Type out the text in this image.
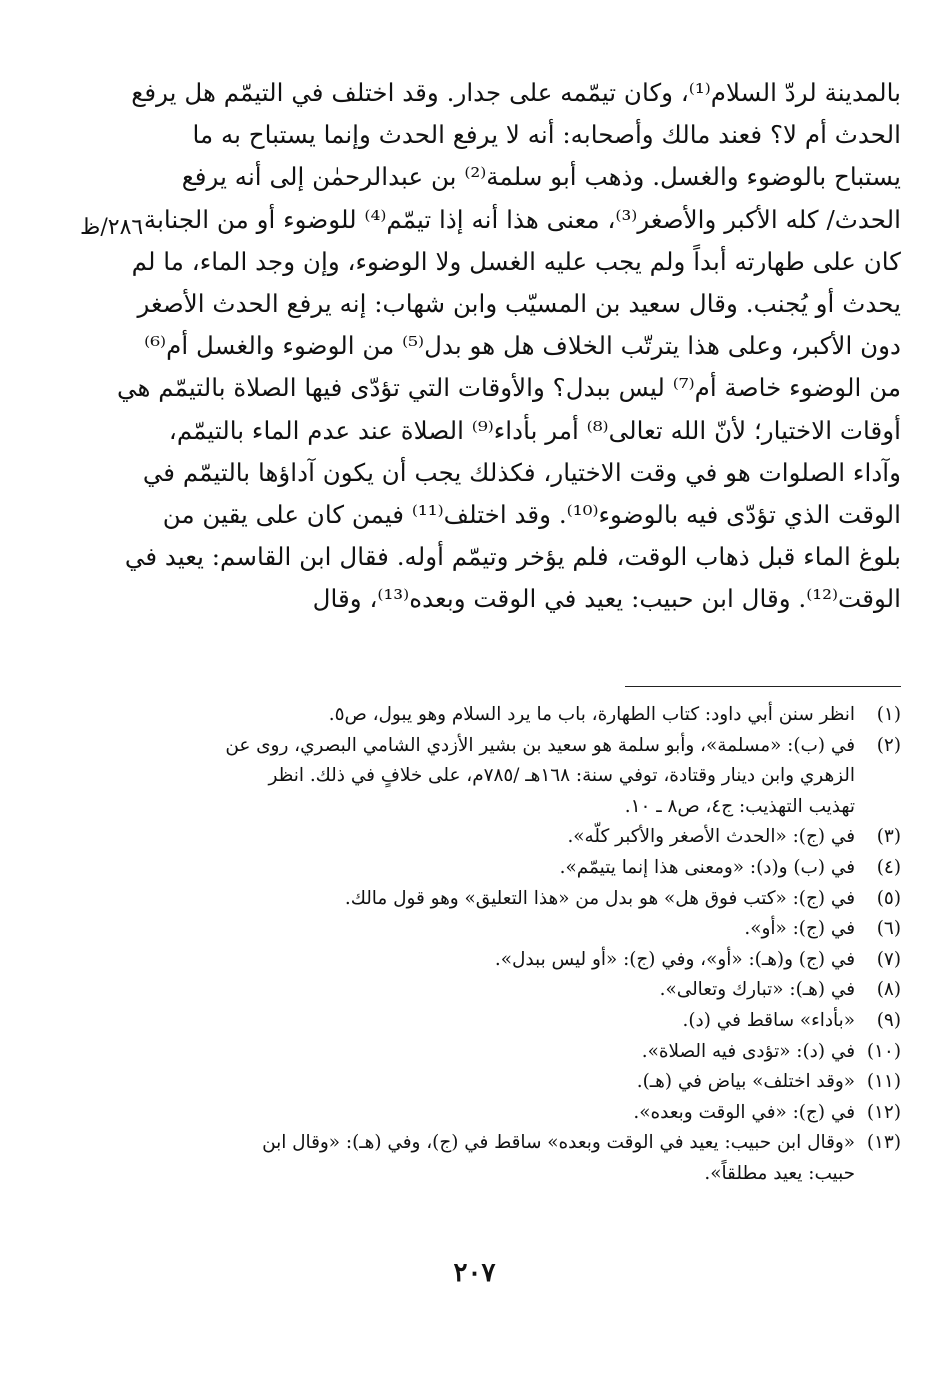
٢٨٦/ظ
بالمدينة لردّ السلام⁽¹⁾، وكان تيمّمه على جدار. وقد اختلف في التيمّم هل يرفع
الحدث أم لا؟ فعند مالك وأصحابه: أنه لا يرفع الحدث وإنما يستباح به ما
يستباح بالوضوء والغسل. وذهب أبو سلمة⁽²⁾ بن عبدالرحمٰن إلى أنه يرفع
الحدث/ كله الأكبر والأصغر⁽³⁾، معنى هذا أنه إذا تيمّم⁽⁴⁾ للوضوء أو من الجنابة
كان على طهارته أبداً ولم يجب عليه الغسل ولا الوضوء، وإن وجد الماء، ما لم
يحدث أو يُجنب. وقال سعيد بن المسيّب وابن شهاب: إنه يرفع الحدث الأصغر
دون الأكبر، وعلى هذا يترتّب الخلاف هل هو بدل⁽⁵⁾ من الوضوء والغسل أم⁽⁶⁾
من الوضوء خاصة أم⁽⁷⁾ ليس ببدل؟ والأوقات التي تؤدّى فيها الصلاة بالتيمّم هي
أوقات الاختيار؛ لأنّ الله تعالى⁽⁸⁾ أمر بأداء⁽⁹⁾ الصلاة عند عدم الماء بالتيمّم،
وآداء الصلوات هو في وقت الاختيار، فكذلك يجب أن يكون آداؤها بالتيمّم في
الوقت الذي تؤدّى فيه بالوضوء⁽¹⁰⁾. وقد اختلف⁽¹¹⁾ فيمن كان على يقين من
بلوغ الماء قبل ذهاب الوقت، فلم يؤخر وتيمّم أوله. فقال ابن القاسم: يعيد في
الوقت⁽¹²⁾. وقال ابن حبيب: يعيد في الوقت وبعده⁽¹³⁾، وقال
(١)
انظر سنن أبي داود: كتاب الطهارة، باب ما يرد السلام وهو يبول، ص٥.
(٢)
في (ب): «مسلمة»، وأبو سلمة هو سعيد بن بشير الأزدي الشامي البصري، روى عن
الزهري وابن دينار وقتادة، توفي سنة: ١٦٨هـ /٧٨٥م، على خلافٍ في ذلك. انظر
تهذيب التهذيب: ج٤، ص٨ ـ ١٠.
(٣)
في (ج): «الحدث الأصغر والأكبر كلّه».
(٤)
في (ب) و(د): «ومعنى هذا إنما يتيمّم».
(٥)
في (ج): «كتب فوق هل» هو بدل من «هذا التعليق» وهو قول مالك.
(٦)
في (ج): «أو».
(٧)
في (ج) و(هـ): «أو»، وفي (ج): «أو ليس ببدل».
(٨)
في (هـ): «تبارك وتعالى».
(٩)
«بأداء» ساقط في (د).
(١٠)
في (د): «تؤدى فيه الصلاة».
(١١)
«وقد اختلف» بياض في (هـ).
(١٢)
في (ج): «في الوقت وبعده».
(١٣)
«وقال ابن حبيب: يعيد في الوقت وبعده» ساقط في (ج)، وفي (هـ): «وقال ابن
حبيب: يعيد مطلقاً».
٢٠٧
